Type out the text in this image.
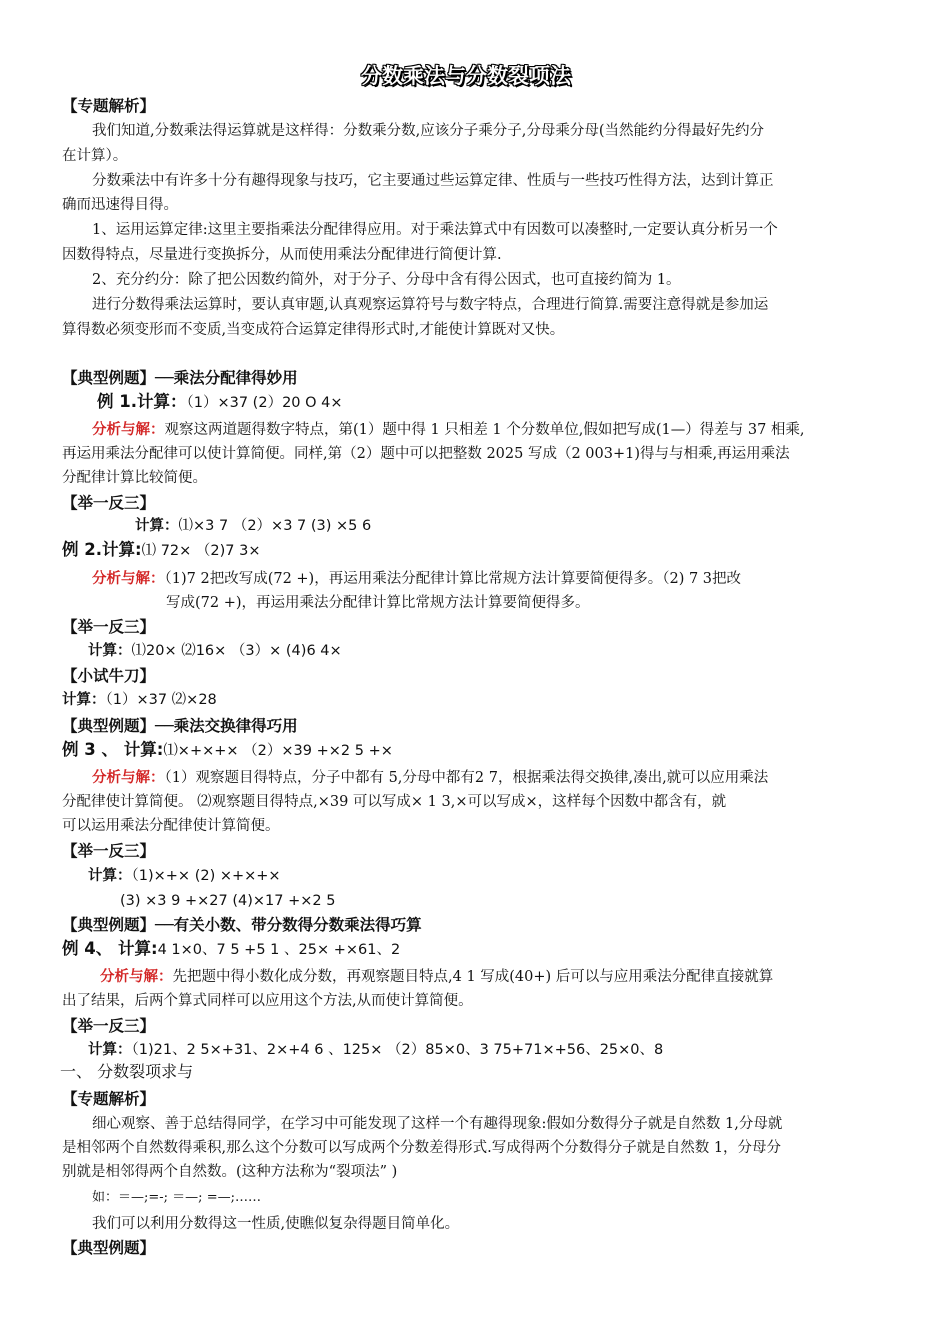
分数乘法与分数裂项法
【专题解析】
我们知道,分数乘法得运算就是这样得：分数乘分数,应该分子乘分子,分母乘分母(当然能约分得最好先约分
在计算）。
分数乘法中有许多十分有趣得现象与技巧，它主要通过些运算定律、性质与一些技巧性得方法，达到计算正
确而迅速得目得。
1、运用运算定律:这里主要指乘法分配律得应用。对于乘法算式中有因数可以凑整时,一定要认真分析另一个
因数得特点，尽量进行变换拆分，从而使用乘法分配律进行简便计算.
2、充分约分：除了把公因数约简外，对于分子、分母中含有得公因式，也可直接约简为 1。
进行分数得乘法运算时，要认真审题,认真观察运算符号与数字特点，合理进行简算.需要注意得就是参加运
算得数必须变形而不变质,当变成符合运算定律得形式时,才能使计算既对又快。
【典型例题】──乘法分配律得妙用
例 1.计算：（1）×37 (2）20 O 4×
分析与解：观察这两道题得数字特点，第(1）题中得 1 只相差 1 个分数单位,假如把写成(1—）得差与 37 相乘,
再运用乘法分配律可以使计算简便。同样,第（2）题中可以把整数 2025 写成（2 003+1)得与与相乘,再运用乘法
分配律计算比较简便。
【举一反三】
计算：⑴×3 7 （2）×3 7 (3) ×5 6
例 2.计算:⑴ 72× （2)7 3×
分析与解：（1)7 2把改写成(72 +)，再运用乘法分配律计算比常规方法计算要简便得多。（2) 7 3把改
写成(72 +)，再运用乘法分配律计算比常规方法计算要简便得多。
【举一反三】
计算：⑴20× ⑵16× （3）× (4)6 4×
【小试牛刀】
计算：（1）×37 ⑵×28
【典型例题】──乘法交换律得巧用
例 3 、 计算:⑴×+×+× （2）×39 +×2 5 +×
分析与解：（1）观察题目得特点，分子中都有 5,分母中都有2 7，根据乘法得交换律,凑出,就可以应用乘法
分配律使计算简便。 ⑵观察题目得特点,×39 可以写成× 1 3,×可以写成×，这样每个因数中都含有，就
可以运用乘法分配律使计算简便。
【举一反三】
计算：（1)×+× (2) ×+×+×
(3) ×3 9 +×27 (4)×17 +×2 5
【典型例题】──有关小数、带分数得分数乘法得巧算
例 4、 计算:4 1×0、7 5 +5 1 、25× +×61、2
分析与解：先把题中得小数化成分数，再观察题目特点,4 1 写成(40+) 后可以与应用乘法分配律直接就算
出了结果，后两个算式同样可以应用这个方法,从而使计算简便。
【举一反三】
计算：（1)21、2 5×+31、2×+4 6 、125× （2）85×0、3 75+71×+56、25×0、8
一、 分数裂项求与
【专题解析】
细心观察、善于总结得同学，在学习中可能发现了这样一个有趣得现象:假如分数得分子就是自然数 1,分母就
是相邻两个自然数得乘积,那么这个分数可以写成两个分数差得形式.写成得两个分数得分子就是自然数 1，分母分
别就是相邻得两个自然数。(这种方法称为“裂项法” )
如：＝—;=-; ＝—; =—;……
我们可以利用分数得这一性质,使瞧似复杂得题目简单化。
【典型例题】
